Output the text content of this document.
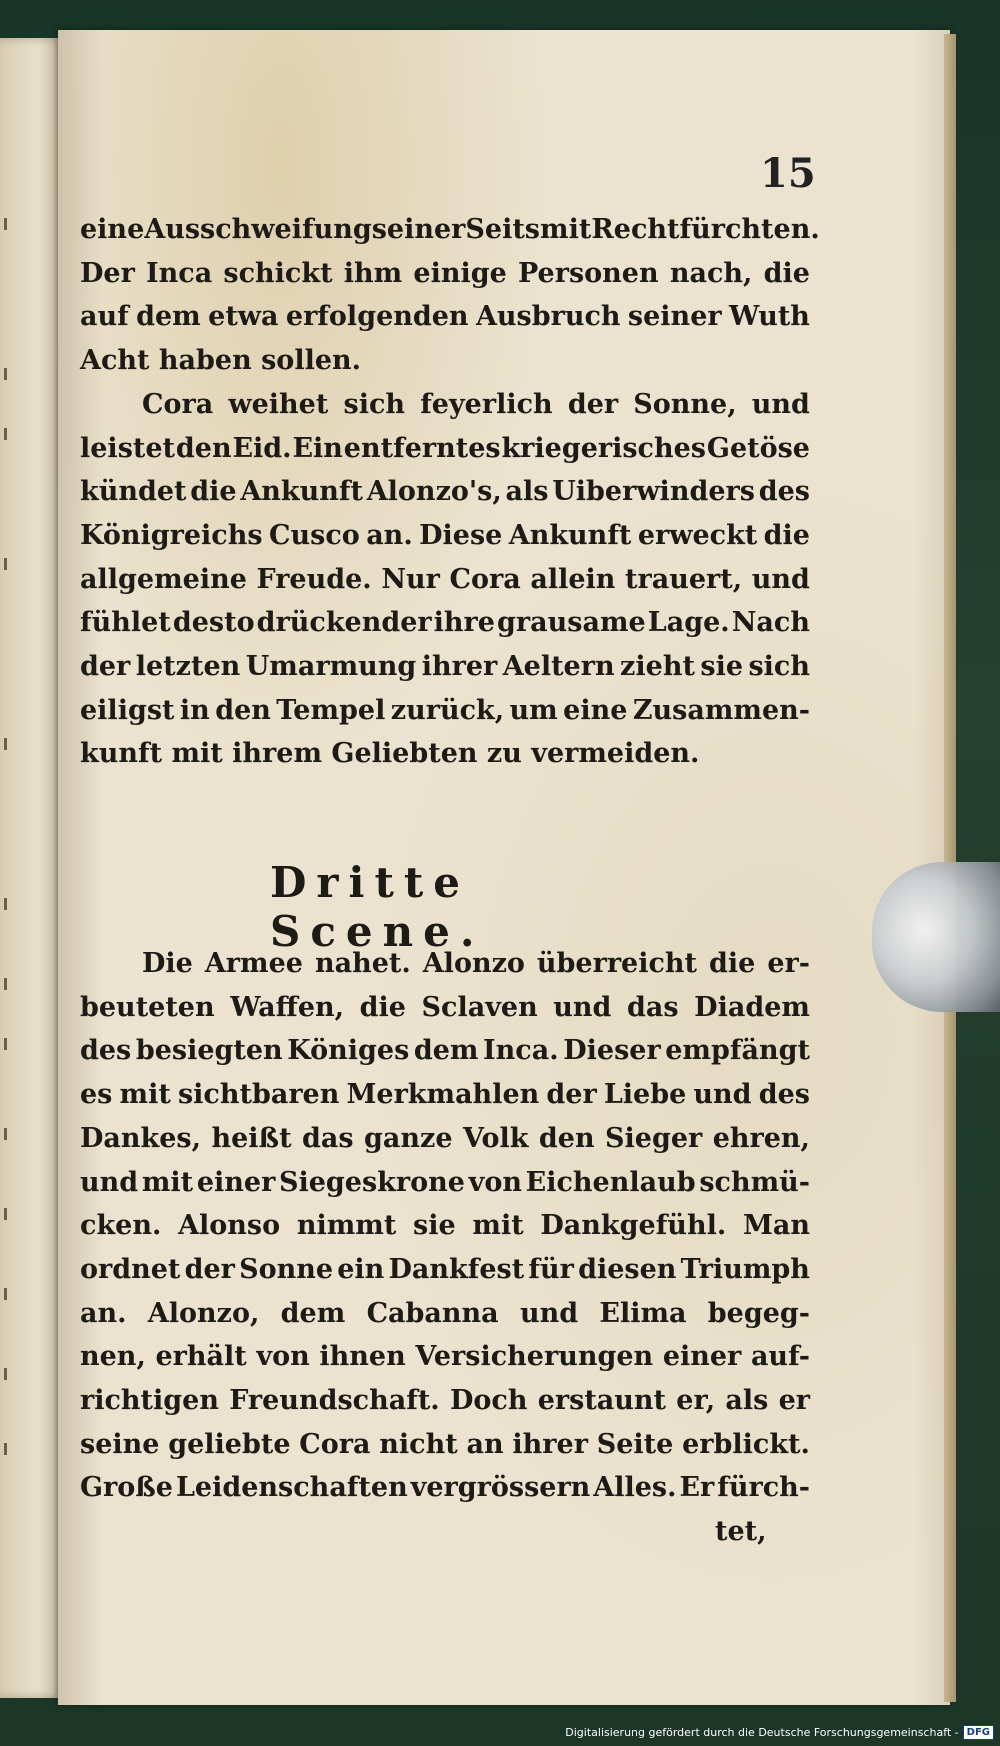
15
eine Ausschweifung seiner Seits mit Recht fürchten.
Der Inca schickt ihm einige Personen nach, die
auf dem etwa erfolgenden Ausbruch seiner Wuth
Acht haben sollen.
Cora weihet sich feyerlich der Sonne, und
leistet den Eid. Ein entferntes kriegerisches Getöse
kündet die Ankunft Alonzo's, als Uiberwinders des
Königreichs Cusco an. Diese Ankunft erweckt die
allgemeine Freude. Nur Cora allein trauert, und
fühlet desto drückender ihre grausame Lage. Nach
der letzten Umarmung ihrer Aeltern zieht sie sich
eiligst in den Tempel zurück, um eine Zusammen-
kunft mit ihrem Geliebten zu vermeiden.
Dritte Scene.
Die Armee nahet. Alonzo überreicht die er-
beuteten Waffen, die Sclaven und das Diadem
des besiegten Königes dem Inca. Dieser empfängt
es mit sichtbaren Merkmahlen der Liebe und des
Dankes, heißt das ganze Volk den Sieger ehren,
und mit einer Siegeskrone von Eichenlaub schmü-
cken. Alonso nimmt sie mit Dankgefühl. Man
ordnet der Sonne ein Dankfest für diesen Triumph
an. Alonzo, dem Cabanna und Elima begeg-
nen, erhält von ihnen Versicherungen einer auf-
richtigen Freundschaft. Doch erstaunt er, als er
seine geliebte Cora nicht an ihrer Seite erblickt.
Große Leidenschaften vergrössern Alles. Er fürch-
tet,
Digitalisierung gefördert durch die Deutsche Forschungsgemeinschaft - DFG
